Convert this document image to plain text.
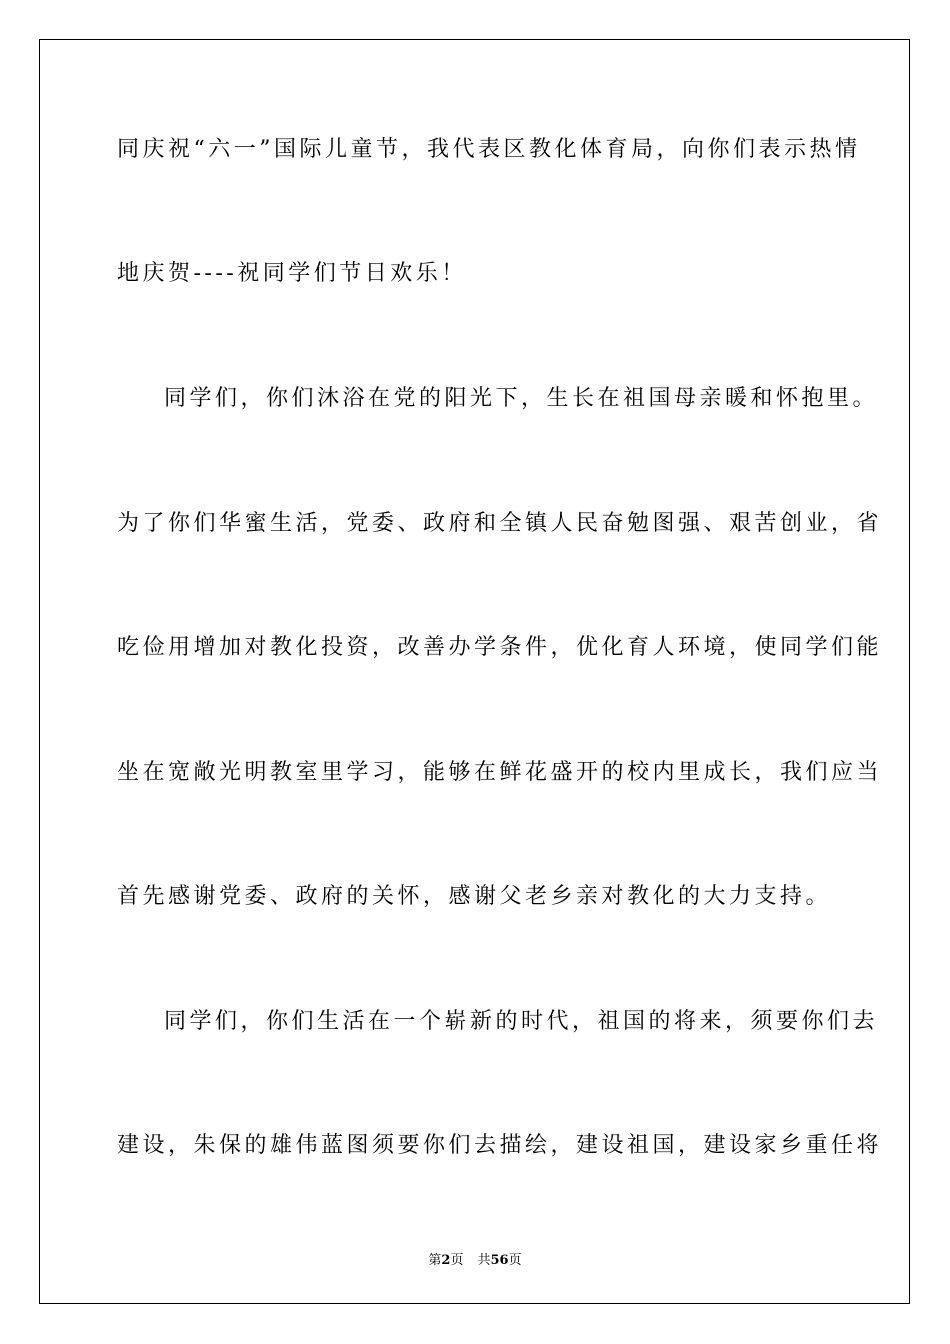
同庆祝“六一”国际儿童节，我代表区教化体育局，向你们表示热情
地庆贺----祝同学们节日欢乐！
同学们，你们沐浴在党的阳光下，生长在祖国母亲暖和怀抱里。
为了你们华蜜生活，党委、政府和全镇人民奋勉图强、艰苦创业，省
吃俭用增加对教化投资，改善办学条件，优化育人环境，使同学们能
坐在宽敞光明教室里学习，能够在鲜花盛开的校内里成长，我们应当
首先感谢党委、政府的关怀，感谢父老乡亲对教化的大力支持。
同学们，你们生活在一个崭新的时代，祖国的将来，须要你们去
建设，朱保的雄伟蓝图须要你们去描绘，建设祖国，建设家乡重任将
第2页 共56页
